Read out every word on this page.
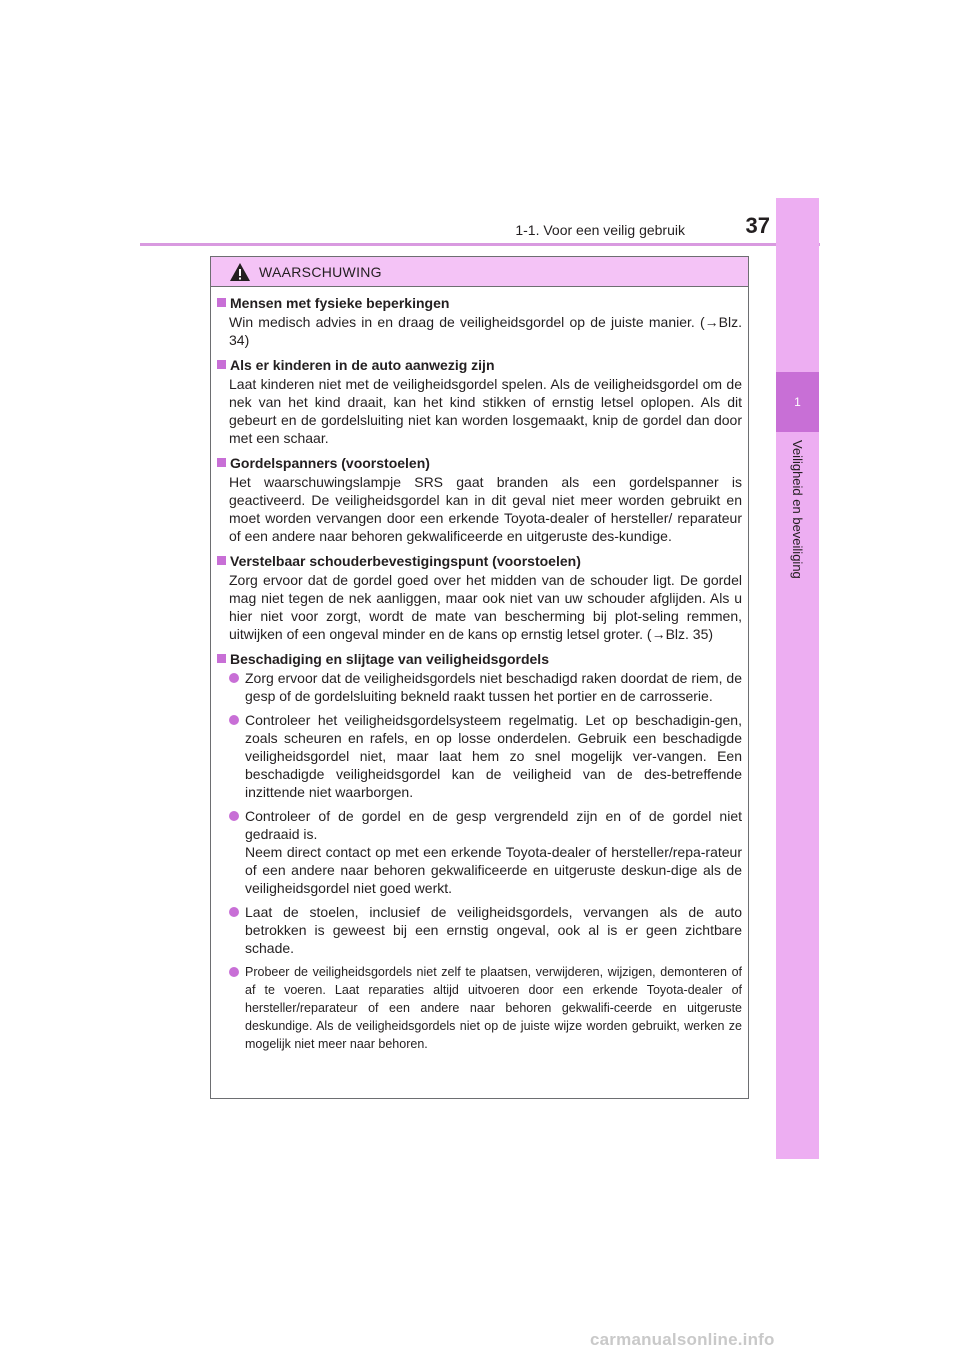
1-1. Voor een veilig gebruik	37
1
Veiligheid en beveiliging
WAARSCHUWING
Mensen met fysieke beperkingen
Win medisch advies in en draag de veiligheidsgordel op de juiste manier. (→Blz. 34)
Als er kinderen in de auto aanwezig zijn
Laat kinderen niet met de veiligheidsgordel spelen. Als de veiligheidsgordel om de nek van het kind draait, kan het kind stikken of ernstig letsel oplopen. Als dit gebeurt en de gordelsluiting niet kan worden losgemaakt, knip de gordel dan door met een schaar.
Gordelspanners (voorstoelen)
Het waarschuwingslampje SRS gaat branden als een gordelspanner is geactiveerd. De veiligheidsgordel kan in dit geval niet meer worden gebruikt en moet worden vervangen door een erkende Toyota-dealer of hersteller/ reparateur of een andere naar behoren gekwalificeerde en uitgeruste des-kundige.
Verstelbaar schouderbevestigingspunt (voorstoelen)
Zorg ervoor dat de gordel goed over het midden van de schouder ligt. De gordel mag niet tegen de nek aanliggen, maar ook niet van uw schouder afglijden. Als u hier niet voor zorgt, wordt de mate van bescherming bij plot-seling remmen, uitwijken of een ongeval minder en de kans op ernstig letsel groter. (→Blz. 35)
Beschadiging en slijtage van veiligheidsgordels
Zorg ervoor dat de veiligheidsgordels niet beschadigd raken doordat de riem, de gesp of de gordelsluiting bekneld raakt tussen het portier en de carrosserie.
Controleer het veiligheidsgordelsysteem regelmatig. Let op beschadigin-gen, zoals scheuren en rafels, en op losse onderdelen. Gebruik een beschadigde veiligheidsgordel niet, maar laat hem zo snel mogelijk ver-vangen. Een beschadigde veiligheidsgordel kan de veiligheid van de des-betreffende inzittende niet waarborgen.
Controleer of de gordel en de gesp vergrendeld zijn en of de gordel niet gedraaid is.
Neem direct contact op met een erkende Toyota-dealer of hersteller/repa-rateur of een andere naar behoren gekwalificeerde en uitgeruste deskun-dige als de veiligheidsgordel niet goed werkt.
Laat de stoelen, inclusief de veiligheidsgordels, vervangen als de auto betrokken is geweest bij een ernstig ongeval, ook al is er geen zichtbare schade.
Probeer de veiligheidsgordels niet zelf te plaatsen, verwijderen, wijzigen, demonteren of af te voeren. Laat reparaties altijd uitvoeren door een erkende Toyota-dealer of hersteller/reparateur of een andere naar behoren gekwalifi-ceerde en uitgeruste deskundige. Als de veiligheidsgordels niet op de juiste wijze worden gebruikt, werken ze mogelijk niet meer naar behoren.
carmanualsonline.info
